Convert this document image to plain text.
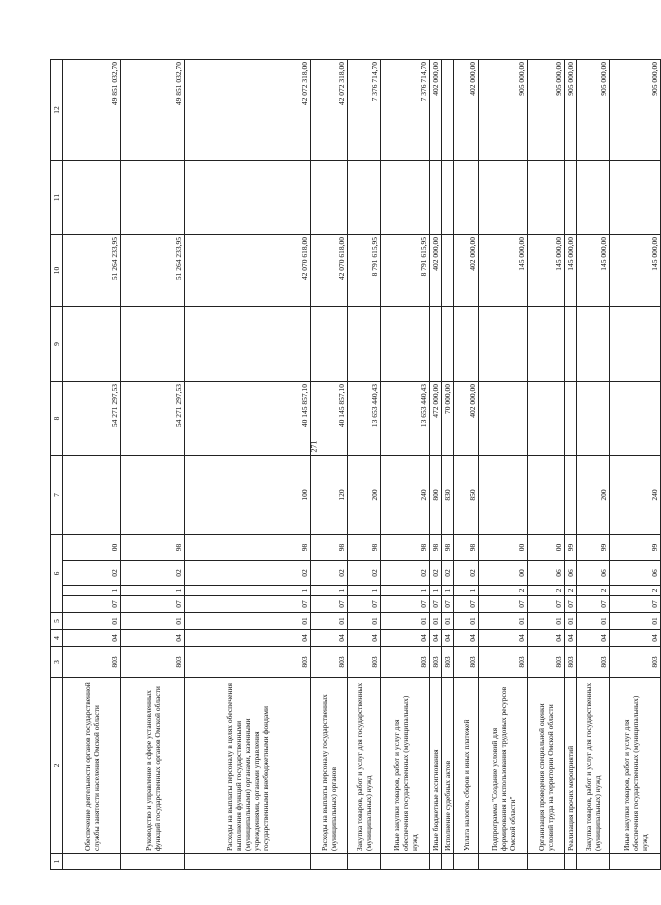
271
1	2	3	4	5	6				7	8	9	10	11	12	
	Обеспечение деятельности органов государственной службы занятости населения Омской области	803	04	01	07	1	02	00		54 271 297,53		51 264 233,95		49 851 032,70	
	Руководство и управление в сфере установленных функций государственных органов Омской области	803	04	01	07	1	02	98		54 271 297,53		51 264 233,95		49 851 032,70	
	Расходы на выплаты персоналу в целях обеспечения выполнения функций государственными (муниципальными) органами, казенными учреждениями, органами управления государственными внебюджетными фондами	803	04	01	07	1	02	98	100	40 145 857,10		42 070 618,00		42 072 318,00	
	Расходы на выплаты персоналу государственных (муниципальных) органов	803	04	01	07	1	02	98	120	40 145 857,10		42 070 618,00		42 072 318,00	
	Закупка товаров, работ и услуг для государственных (муниципальных) нужд	803	04	01	07	1	02	98	200	13 653 440,43		8 791 615,95		7 376 714,70	
	Иные закупки товаров, работ и услуг для обеспечения государственных (муниципальных) нужд	803	04	01	07	1	02	98	240	13 653 440,43		8 791 615,95		7 376 714,70	
	Иные бюджетные ассигнования	803	04	01	07	1	02	98	800	472 000,00		402 000,00		402 000,00	
	Исполнение судебных актов	803	04	01	07	1	02	98	830	70 000,00					
	Уплата налогов, сборов и иных платежей	803	04	01	07	1	02	98	850	402 000,00		402 000,00		402 000,00	
	Подпрограмма "Создание условий для формирования и использования трудовых ресурсов Омской области"	803	04	01	07	2	00	00				145 000,00		905 000,00	
	Организация проведения специальной оценки условий труда на территории Омской области	803	04	01	07	2	06	00				145 000,00		905 000,00	
	Реализация прочих мероприятий	803	04	01	07	2	06	99				145 000,00		905 000,00	
	Закупка товаров, работ и услуг для государственных (муниципальных) нужд	803	04	01	07	2	06	99	200			145 000,00		905 000,00	
	Иные закупки товаров, работ и услуг для обеспечения государственных (муниципальных) нужд	803	04	01	07	2	06	99	240			145 000,00		905 000,00	
